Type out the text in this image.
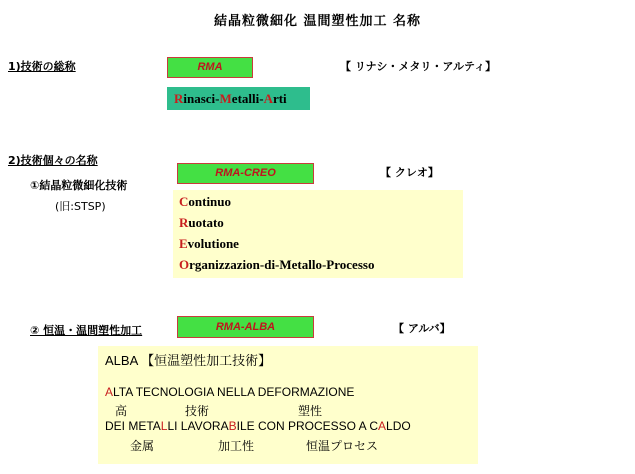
結晶粒微細化 温間塑性加工 名称
1)技術の総称	RMA	【 リナシ・メタリ・アルティ】
Rinasci-Metalli-Arti
2)技術個々の名称
①結晶粒微細化技術
(旧:STSP)
RMA-CREO	【 クレオ】
Continuo
Ruotato
Evolutione
Organizzazion-di-Metallo-Processo
② 恒温・温間塑性加工	RMA-ALBA	【 アルバ】
ALBA 【恒温塑性加工技術】
ALTA TECNOLOGIA NELLA DEFORMAZIONE
高	技術	塑性
DEI METALLI LAVORABILE CON PROCESSO A CALDO
金属	加工性	恒温プロセス
